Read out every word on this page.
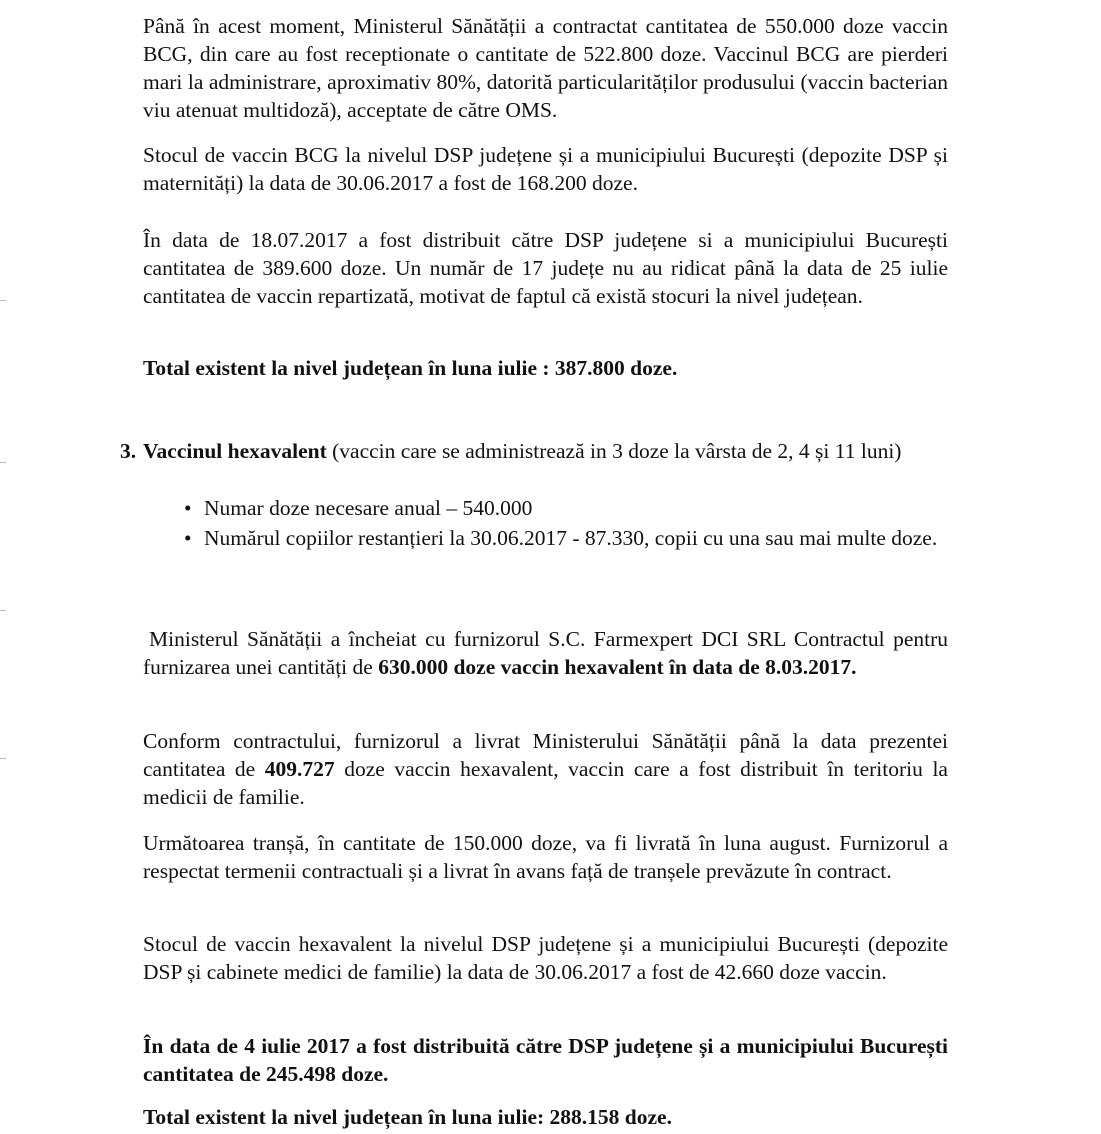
Până în acest moment, Ministerul Sănătății a contractat cantitatea de 550.000 doze vaccin BCG, din care au fost receptionate o cantitate de 522.800 doze. Vaccinul BCG are pierderi mari la administrare, aproximativ 80%, datorită particularităților produsului (vaccin bacterian viu atenuat multidoză), acceptate de către OMS.

Stocul de vaccin BCG la nivelul DSP județene și a municipiului București (depozite DSP și maternități) la data de 30.06.2017 a fost de 168.200 doze.

În data de 18.07.2017 a fost distribuit către DSP județene si a municipiului București cantitatea de 389.600 doze. Un număr de 17 județe nu au ridicat până la data de 25 iulie cantitatea de vaccin repartizată, motivat de faptul că există stocuri la nivel județean.

Total existent la nivel județean în luna iulie : 387.800 doze.

3. Vaccinul hexavalent (vaccin care se administrează in 3 doze la vârsta de 2, 4 și 11 luni)

• Numar doze necesare anual – 540.000
• Numărul copiilor restanțieri la 30.06.2017 - 87.330, copii cu una sau mai multe doze.

Ministerul Sănătății a încheiat cu furnizorul S.C. Farmexpert DCI SRL Contractul pentru furnizarea unei cantități de 630.000 doze vaccin hexavalent în data de 8.03.2017.

Conform contractului, furnizorul a livrat Ministerului Sănătății până la data prezentei cantitatea de 409.727 doze vaccin hexavalent, vaccin care a fost distribuit în teritoriu la medicii de familie.

Următoarea tranșă, în cantitate de 150.000 doze, va fi livrată în luna august. Furnizorul a respectat termenii contractuali și a livrat în avans față de tranșele prevăzute în contract.

Stocul de vaccin hexavalent la nivelul DSP județene și a municipiului București (depozite DSP și cabinete medici de familie) la data de 30.06.2017 a fost de 42.660 doze vaccin.

În data de 4 iulie 2017 a fost distribuită către DSP județene și a municipiului București cantitatea de 245.498 doze.

Total existent la nivel județean în luna iulie: 288.158 doze.
